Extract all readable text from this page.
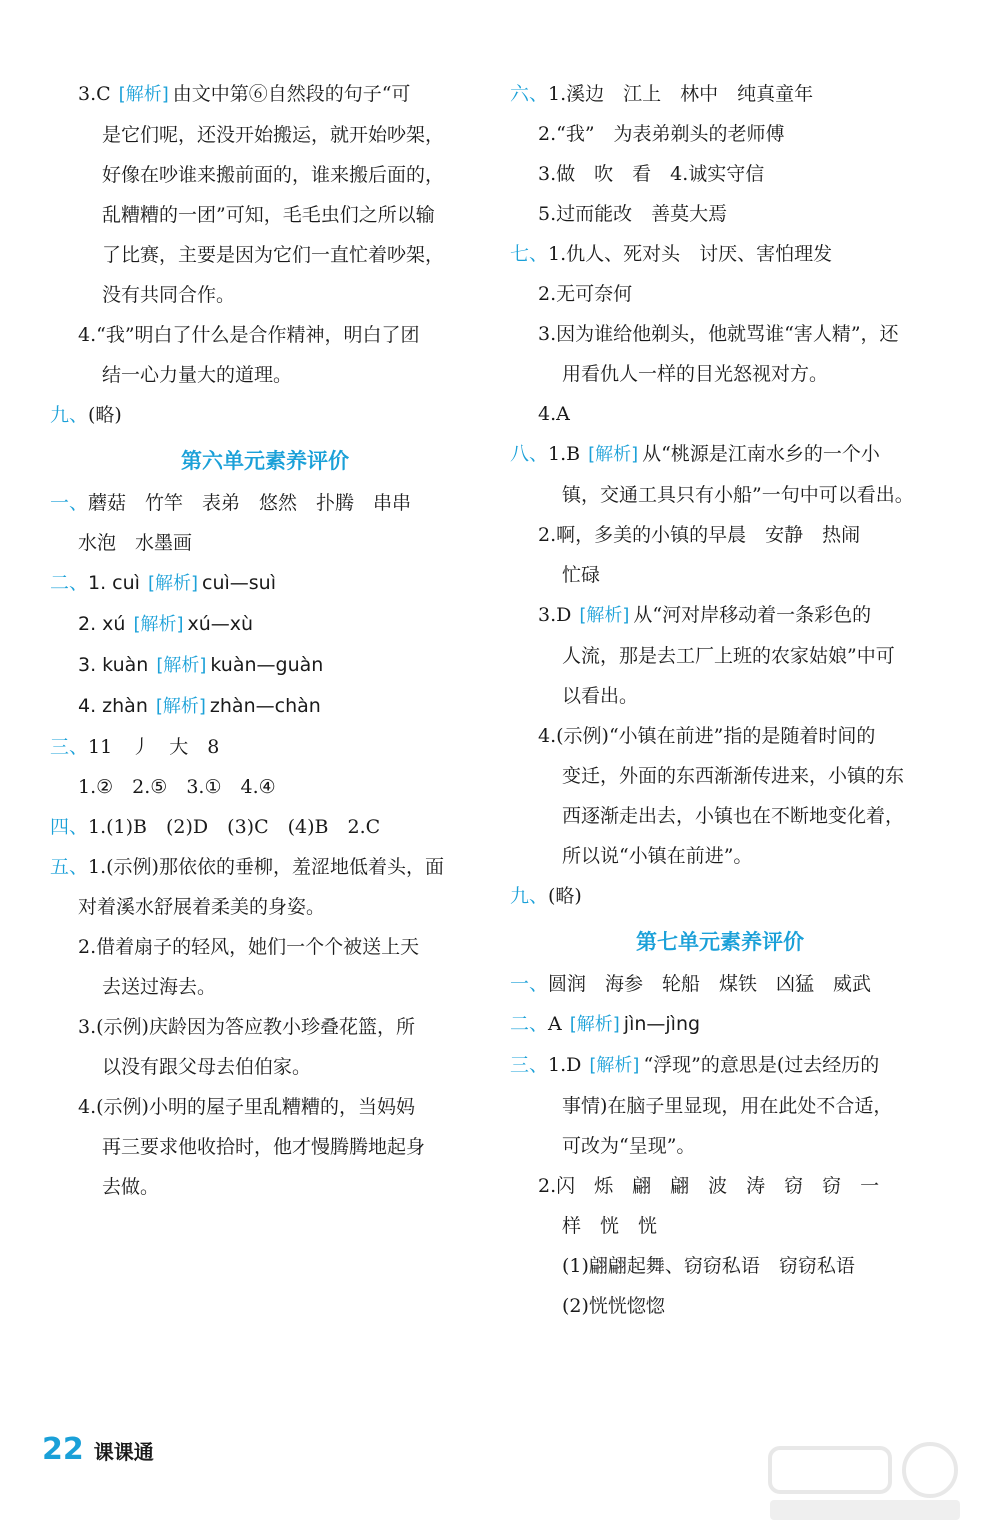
3.C [解析] 由文中第⑥自然段的句子“可
是它们呢，还没开始搬运，就开始吵架，
好像在吵谁来搬前面的，谁来搬后面的，
乱糟糟的一团”可知，毛毛虫们之所以输
了比赛，主要是因为它们一直忙着吵架，
没有共同合作。
4.“我”明白了什么是合作精神，明白了团
结一心力量大的道理。
九、(略)
第六单元素养评价
一、蘑菇　竹竿　表弟　悠然　扑腾　串串
水泡　水墨画
二、1. cuì [解析] cuì—suì
2. xú [解析] xú—xù
3. kuàn [解析] kuàn—guàn
4. zhàn [解析] zhàn—chàn
三、11　丿　大　8
1.②　2.⑤　3.①　4.④
四、1.(1)B　(2)D　(3)C　(4)B　2.C
五、1.(示例)那依依的垂柳，羞涩地低着头，面
对着溪水舒展着柔美的身姿。
2.借着扇子的轻风，她们一个个被送上天
去送过海去。
3.(示例)庆龄因为答应教小珍叠花篮，所
以没有跟父母去伯伯家。
4.(示例)小明的屋子里乱糟糟的，当妈妈
再三要求他收拾时，他才慢腾腾地起身
去做。
六、1.溪边　江上　林中　纯真童年
2.“我”　为表弟剃头的老师傅
3.做　吹　看　4.诚实守信
5.过而能改　善莫大焉
七、1.仇人、死对头　讨厌、害怕理发
2.无可奈何
3.因为谁给他剃头，他就骂谁“害人精”，还
用看仇人一样的目光怒视对方。
4.A
八、1.B [解析] 从“桃源是江南水乡的一个小
镇，交通工具只有小船”一句中可以看出。
2.啊，多美的小镇的早晨　安静　热闹
忙碌
3.D [解析] 从“河对岸移动着一条彩色的
人流，那是去工厂上班的农家姑娘”中可
以看出。
4.(示例)“小镇在前进”指的是随着时间的
变迁，外面的东西渐渐传进来，小镇的东
西逐渐走出去，小镇也在不断地变化着，
所以说“小镇在前进”。
九、(略)
第七单元素养评价
一、圆润　海参　轮船　煤铁　凶猛　威武
二、A [解析] jìn—jìng
三、1.D [解析] “浮现”的意思是(过去经历的
事情)在脑子里显现，用在此处不合适，
可改为“呈现”。
2.闪　烁　翩　翩　波　涛　窃　窃　一
样　恍　恍
(1)翩翩起舞、窃窃私语　窃窃私语
(2)恍恍惚惚
22 课课通
